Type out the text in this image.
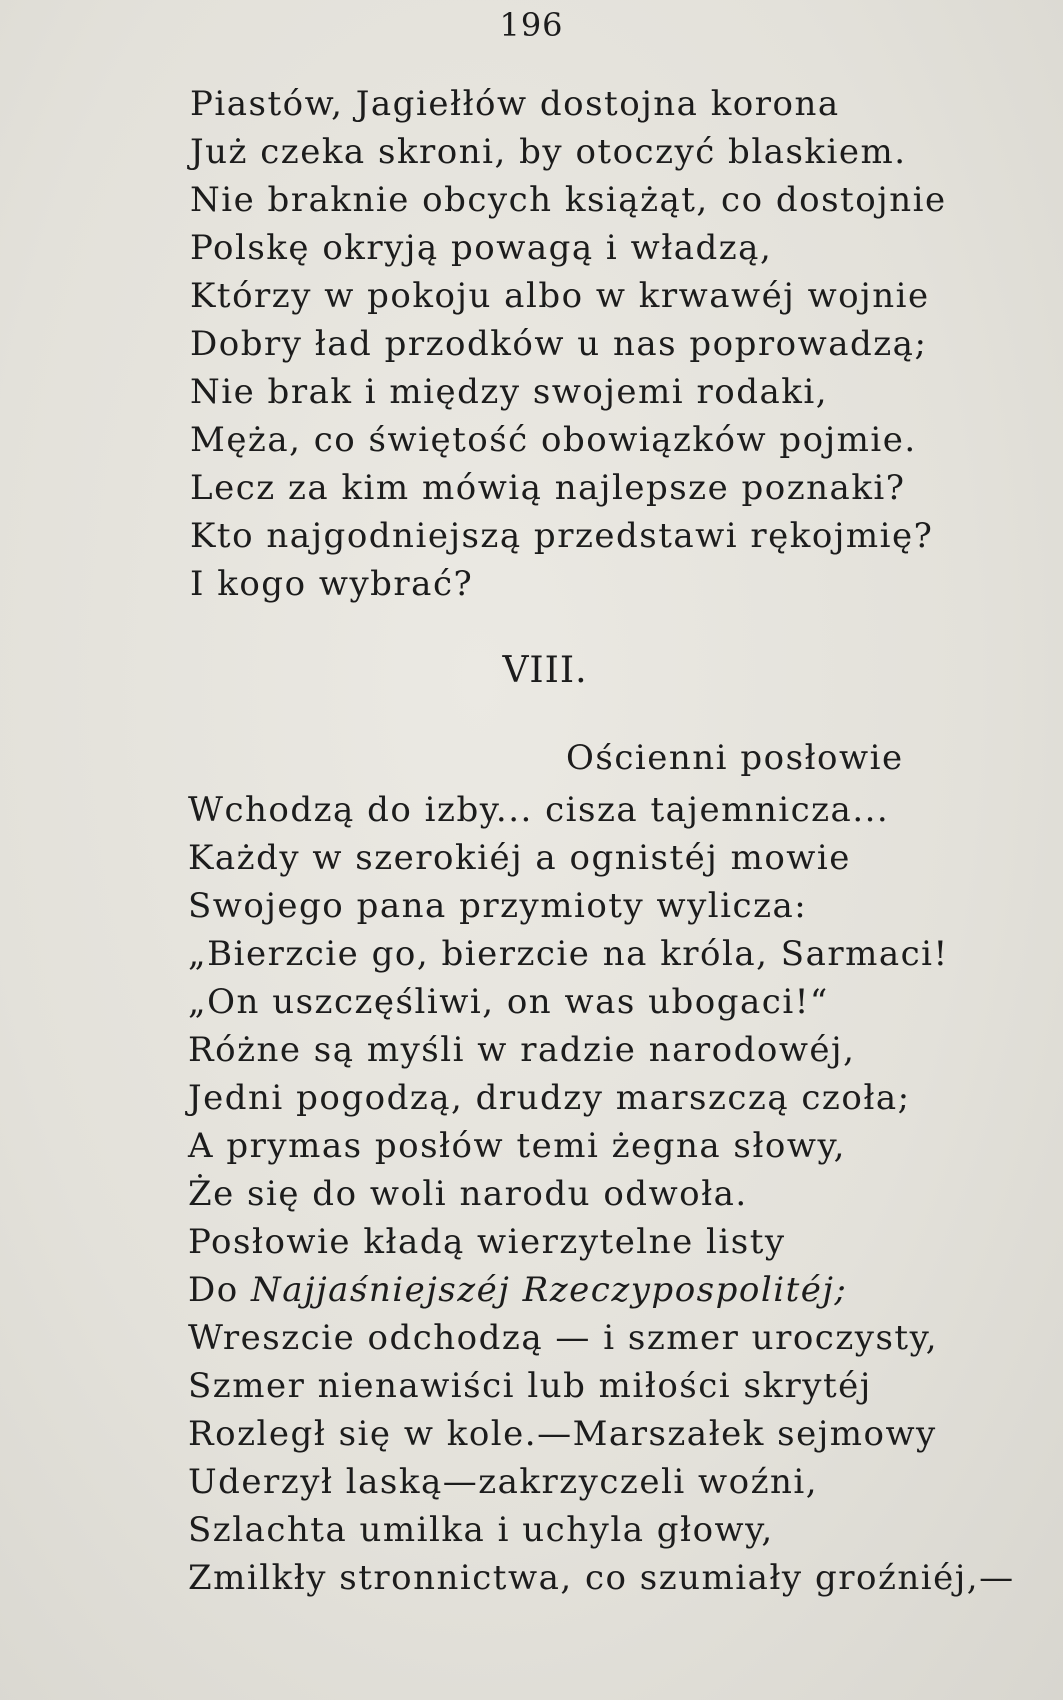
196
Piastów, Jagiełłów dostojna korona
Już czeka skroni, by otoczyć blaskiem.
Nie braknie obcych książąt, co dostojnie
Polskę okryją powagą i władzą,
Którzy w pokoju albo w krwawéj wojnie
Dobry ład przodków u nas poprowadzą;
Nie brak i między swojemi rodaki,
Męża, co świętość obowiązków pojmie.
Lecz za kim mówią najlepsze poznaki?
Kto najgodniejszą przedstawi rękojmię?
I kogo wybrać?
VIII.
Ościenni posłowie
Wchodzą do izby... cisza tajemnicza...
Każdy w szerokiéj a ognistéj mowie
Swojego pana przymioty wylicza:
„Bierzcie go, bierzcie na króla, Sarmaci!
„On uszczęśliwi, on was ubogaci!“
Różne są myśli w radzie narodowéj,
Jedni pogodzą, drudzy marszczą czoła;
A prymas posłów temi żegna słowy,
Że się do woli narodu odwoła.
Posłowie kładą wierzytelne listy
Do Najjaśniejszéj Rzeczypospolitéj;
Wreszcie odchodzą — i szmer uroczysty,
Szmer nienawiści lub miłości skrytéj
Rozległ się w kole.—Marszałek sejmowy
Uderzył laską—zakrzyczeli woźni,
Szlachta umilka i uchyla głowy,
Zmilkły stronnictwa, co szumiały groźniéj,—
